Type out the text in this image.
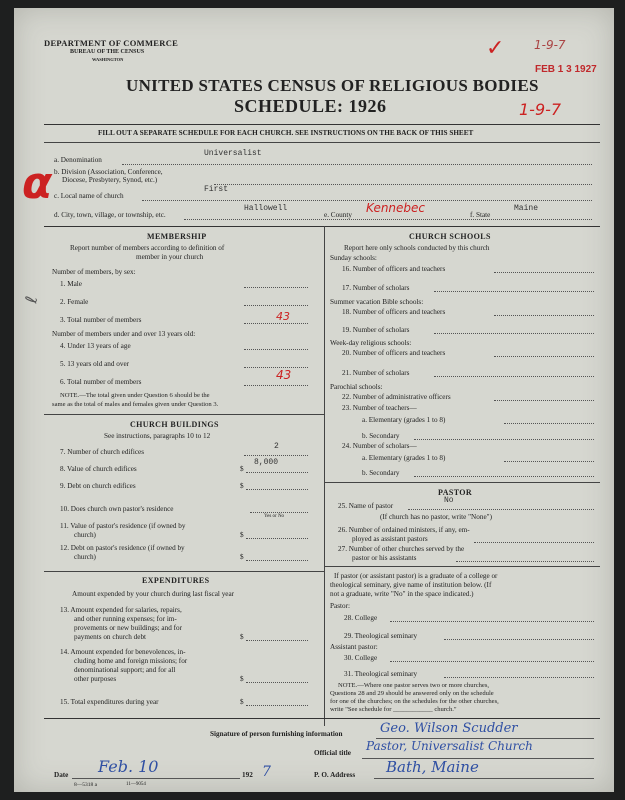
DEPARTMENT OF COMMERCE
BUREAU OF THE CENSUS
WASHINGTON
UNITED STATES CENSUS OF RELIGIOUS BODIES
SCHEDULE: 1926
FEB 1 3 1927
1-9-7
✓
1-9-7
FILL OUT A SEPARATE SCHEDULE FOR EACH CHURCH. SEE INSTRUCTIONS ON THE BACK OF THIS SHEET
a. Denomination
Universalist
b. Division (Association, Conference,
Diocese, Presbytery, Synod, etc.)
c. Local name of church
First
d. City, town, village, or township, etc.
Hallowell
e. County Kennebec	f. State
Maine
α
MEMBERSHIP
Report number of members according to definition of
member in your church
Number of members, by sex:
1. Male
2. Female
3. Total number of members	43
Number of members under and over 13 years old:
4. Under 13 years of age
5. 13 years old and over
6. Total number of members	43
NOTE.—The total given under Question 6 should be the
same as the total of males and females given under Question 3.
ℓ
CHURCH BUILDINGS
See instructions, paragraphs 10 to 12
7. Number of church edifices
2
8. Value of church edifices	$
8,000
9. Debt on church edifices	$
10. Does church own pastor's residence
Yes or No
11. Value of pastor's residence (if owned by
church)	$
12. Debt on pastor's residence (if owned by
church)	$
EXPENDITURES
Amount expended by your church during last fiscal year
13. Amount expended for salaries, repairs,
and other running expenses; for im-
provements or new buildings; and for
payments on church debt	$
14. Amount expended for benevolences, in-
cluding home and foreign missions; for
denominational support; and for all
other purposes	$
15. Total expenditures during year	$
CHURCH SCHOOLS
Report here only schools conducted by this church
Sunday schools:
16. Number of officers and teachers
17. Number of scholars
Summer vacation Bible schools:
18. Number of officers and teachers
19. Number of scholars
Week-day religious schools:
20. Number of officers and teachers
21. Number of scholars
Parochial schools:
22. Number of administrative officers
23. Number of teachers—
a. Elementary (grades 1 to 8)
b. Secondary
24. Number of scholars—
a. Elementary (grades 1 to 8)
b. Secondary
PASTOR
25. Name of pastor
No
(If church has no pastor, write "None")
26. Number of ordained ministers, if any, em-
ployed as assistant pastors
27. Number of other churches served by the
pastor or his assistants
If pastor (or assistant pastor) is a graduate of a college or
theological seminary, give name of institution below. (If
not a graduate, write "No" in the space indicated.)
Pastor:
28. College
29. Theological seminary
Assistant pastor:
30. College
31. Theological seminary
NOTE.—Where one pastor serves two or more churches,
Questions 28 and 29 should be answered only on the schedule
for one of the churches; on the schedules for the other churches,
write "See schedule for ____________ church."
Signature of person furnishing information	Geo. Wilson Scudder
Official title Pastor, Universalist Church
Date Feb. 10	192 7	P. O. Address Bath, Maine
8—5318 a	11—9054
